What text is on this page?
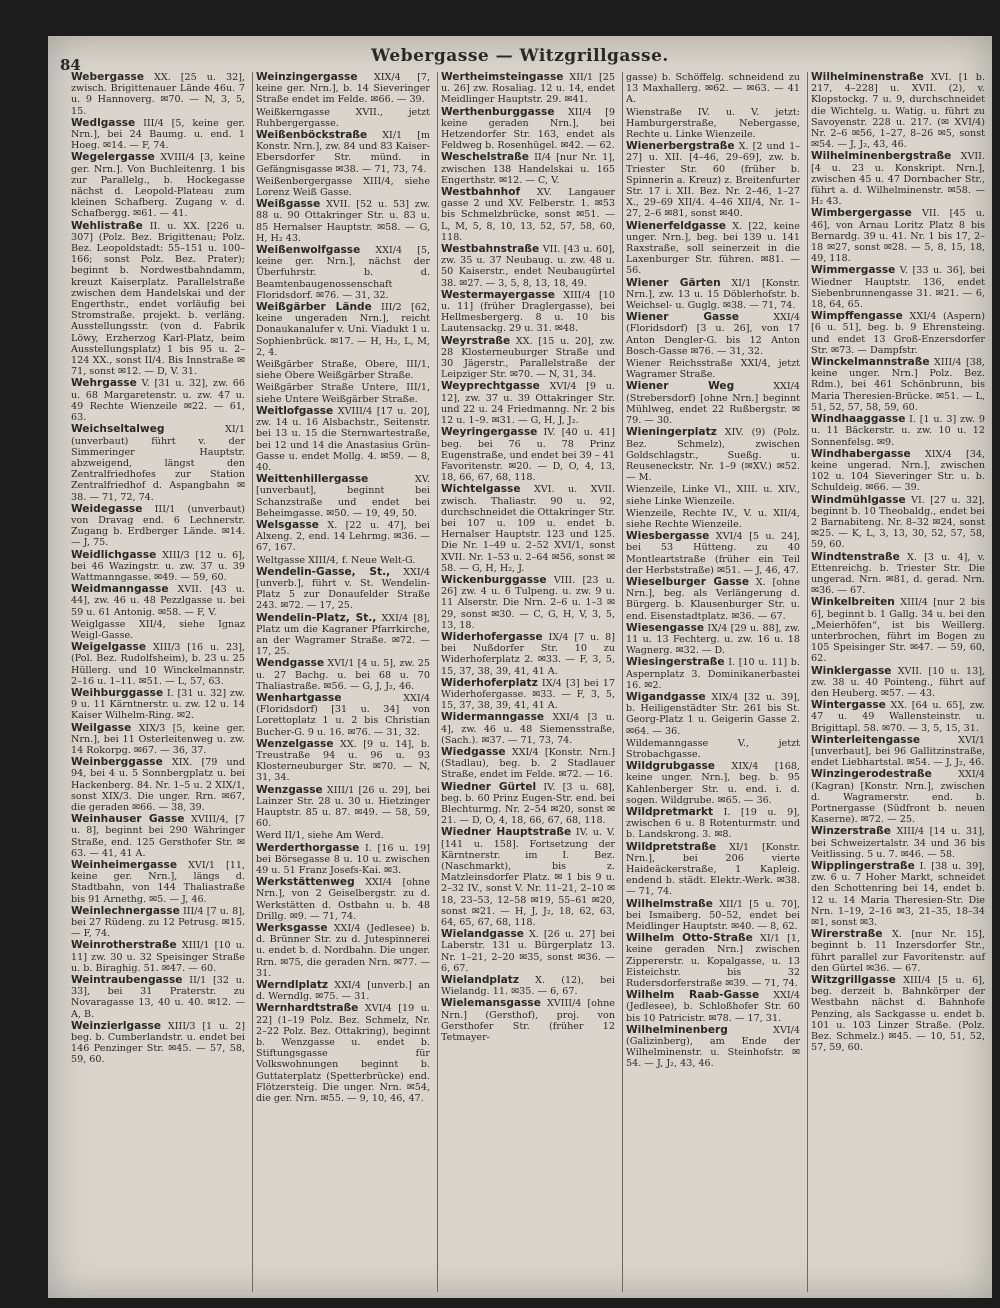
84	Webergasse — Witzgrillgasse.
Webergasse XX. [25 u. 32], zwisch. Brigittenauer Lände 46u. 7 u. 9 Hannoverg. ✉70. — N, 3, 5, 15.
Wedlgasse III/4 [5, keine ger. Nrn.], bei 24 Baumg. u. end. 1 Hoeg. ✉14. — F, 74.
Wegelergasse XVIII/4 [3, keine ger. Nrn.]. Von Buchleitenrg. 1 bis zur Parallelg., b. Hockegasse nächst d. Leopold-Plateau zum kleinen Schafberg. Zugang v. d. Schafbergg. ✉61. — 41.
Wehlistraße II. u. XX. [226 u. 307] (Polz. Bez. Brigittenau; Polz. Bez. Leopoldstadt: 55–151 u. 100–166; sonst Polz. Bez. Prater); beginnt b. Nordwestbahndamm, kreuzt Kaiserplatz. Parallelstraße zwischen dem Handelskai und der Engerthstr., endet vorläufig bei Stromstraße. projekt. b. verläng. Ausstellungsstr. (von d. Fabrik Löwy, Erzherzog Karl-Platz, beim Ausstellungsplatz) 1 bis 95 u. 2–124 XX., sonst II/4. Bis Innstraße ✉71, sonst ✉12. — D, V. 31.
Wehrgasse V. [31 u. 32], zw. 66 u. 68 Margaretenstr. u. zw. 47 u. 49 Rechte Wienzeile ✉22. — 61, 63.
Weichseltalweg	XI/1 (unverbaut) führt v. der Simmeringer Hauptstr. abzweigend, längst den Zentralfriedhofes zur Station Zentralfriedhof d. Aspangbahn ✉38. — 71, 72, 74.
Weidegasse III/1 (unverbaut) von Dravag end. 6 Lechnerstr. Zugang b. Erdberger Lände. ✉14. — J, 75.
Weidlichgasse XIII/3 [12 u. 6], bei 46 Wazingstr. u. zw. 37 u. 39 Wattmanngasse. ✉49. — 59, 60.
Weidmanngasse XVII. [43 u. 44], zw. 46 u. 48 Pezzlgasse u. bei 59 u. 61 Antonig. ✉58. — F, V.
Weiglgasse XII/4, siehe Ignaz Weigl-Gasse.
Weigelgasse XIII/3 [16 u. 23], (Pol. Bez. Rudolfsheim), b. 23 u. 25 Hüllerg. und 10 Winckelmannstr. 2–16 u. 1–11. ✉51. — L, 57, 63.
Weihburggasse I. [31 u. 32] zw. 9 u. 11 Kärntnerstr. u. zw. 12 u. 14 Kaiser Wilhelm-Ring. ✉2.
Weilgasse XIX/3 [5, keine ger. Nrn.], bei 11 Osterleitenweg u. zw. 14 Rokorpg. ✉67. — 36, 37.
Weinberggasse XIX. [79 und 94, bei 4 u. 5 Sonnbergplatz u. bei Hackenberg. 84. Nr. 1–5 u. 2 XIX/1, sonst XIX/3. Die unger. Rrn. ✉67, die geraden ✉66. — 38, 39.
Weinhauser Gasse XVIII/4, [7 u. 8], beginnt bei 290 Währinger Straße, end. 125 Gersthofer Str. ✉63. — 41, 41 A.
Weinheimergasse XVI/1 [11, keine ger. Nrn.], längs d. Stadtbahn, von 144 Thaliastraße bis 91 Arnethg. ✉5. — J, 46.
Weinlechnergasse III/4 [7 u. 8], bei 27 Rüdeng. zu 12 Petrusg. ✉15. — F, 74.
Weinrotherstraße XIII/1 [10 u. 11] zw. 30 u. 32 Speisinger Straße u. b. Biraghig. 51. ✉47. — 60.
Weintraubengasse II/1 [32 u. 33], bei 31 Praterstr. zu Novaragasse 13, 40 u. 40. ✉12. — A, B.
Weinzierlgasse XIII/3 [1 u. 2] beg. b. Cumberlandstr. u. endet bei 146 Penzinger Str. ✉45. — 57, 58, 59, 60.
Weinzingergasse XIX/4 [7, keine ger. Nrn.], b. 14 Sieveringer Straße endet im Felde. ✉66. — 39.
Weißkerngasse XVII., jetzt Ruhbergergasse.
Weißenböckstraße XI/1 [m Konstr. Nrn.], zw. 84 und 83 Kaiser-Ebersdorfer Str. münd. in Gefängnisgasse ✉38. — 71, 73, 74.
Weißenbergergasse XIII/4, siehe Lorenz Weiß Gasse.
Weißgasse XVII. [52 u. 53] zw. 88 u. 90 Ottakringer Str. u. 83 u. 85 Hernalser Hauptstr. ✉58. — G, H, H₂ 43.
Weißenwolfgasse XXI/4 [5, keine ger. Nrn.], nächst der Überfuhrstr. b. d. Beamtenbaugenossenschaft Floridsdorf. ✉76. — 31, 32.
Weißgärber Lände III/2 [62, keine ungeraden Nrn.], reicht Donaukanalufer v. Uni. Viadukt 1 u. Sophienbrück. ✉17. — H, H₂, L, M, 2, 4.
Weißgärber Straße, Obere, III/1, siehe Obere Weißgärber Straße.
Weißgärber Straße Untere, III/1, siehe Untere Weißgärber Straße.
Weitlofgasse XVIII/4 [17 u. 20], zw. 14 u. 16 Alsbachstr., Seitenstr. bei 13 u. 15 die Sternwartestraße, bei 12 und 14 die Anastasius Grün-Gasse u. endet Mollg. 4. ✉59. — 8, 40.
Weittenhillergasse	XV. [unverbaut], beginnt bei Schanzstraße und endet bei Beheimgasse. ✉50. — 19, 49, 50.
Welsgasse X. [22 u. 47], bei Alxeng. 2, end. 14 Lehrmg. ✉36. — 67, 167.
Weltgasse XIII/4, f. Neue Welt-G.
Wendelin-Gasse, St., XXI/4 [unverb.], führt v. St. Wendelin-Platz 5 zur Donaufelder Straße 243. ✉72. — 17, 25.
Wendelin-Platz, St., XXI/4 [8], Platz um die Kagraner Pfarrkirche, an der Wagramer Straße. ✉72. — 17, 25.
Wendgasse XVI/1 [4 u. 5], zw. 25 u. 27 Bachg. u. bei 68 u. 70 Thaliastraße. ✉56. — G, J, J₂, 46.
Wenhartgasse	XXI/4 (Floridsdorf) [31 u. 34] von Lorettoplatz 1 u. 2 bis Christian Bucher-G. 9 u. 16. ✉76. — 31, 32.
Wenzelgasse XX. [9 u. 14], b. Treustraße 94 u. 96 u. 93 Klosterneuburger Str. ✉70. — N, 31, 34.
Wenzgasse XIII/1 [26 u. 29], bei Lainzer Str. 28 u. 30 u. Hietzinger Hauptstr. 85 u. 87. ✉49. — 58, 59, 60.
Werd II/1, siehe Am Werd.
Werderthorgasse I. [16 u. 19] bei Börsegasse 8 u. 10 u. zwischen 49 u. 51 Franz Josefs-Kai. ✉3.
Werkstättenweg XXI/4 [ohne Nrn.], von 2 Geiselbergstr. zu d. Werkstätten d. Ostbahn u. b. 48 Drillg. ✉9. — 71, 74.
Werksgasse XXI/4 (Jedlesee) b. d. Brünner Str. zu d. Jutespinnerei u. endet b. d. Nordbahn. Die unger. Rrn. ✉75, die geraden Nrn. ✉77. — 31.
Werndlplatz XXI/4 [unverb.] an d. Werndlg. ✉75. — 31.
Wernhardtstraße XVI/4 [19 u. 22] (1–19 Polz. Bez. Schmelz, Nr. 2–22 Polz. Bez. Ottakring), beginnt b. Wenzgasse u. endet b. Stiftungsgasse für Volkswohnungen beginnt b. Guttaterplatz (Spetterbrücke) end. Flötzersteig. Die unger. Nrn. ✉54, die ger. Nrn. ✉55. — 9, 10, 46, 47.
Wertheimsteingasse XII/1 [25 u. 26] zw. Rosaliag. 12 u. 14, endet Meidlinger Hauptstr. 29. ✉41.
Werthenburggasse XII/4 [9 keine geraden Nrn.], bei Hetzendorfer Str. 163, endet als Feldweg b. Rosenhügel. ✉42. — 62.
Weschelstraße II/4 [nur Nr. 1], zwischen 138 Handelskai u. 165 Engerthstr. ✉12. — C, V.
Westbahnhof XV. Langauer gasse 2 und XV. Felberstr. 1. ✉53 bis Schmelzbrücke, sonst ✉51. — L, M, 5, 8, 10, 13, 52, 57, 58, 60, 118.
Westbahnstraße VII. [43 u. 60], zw. 35 u. 37 Neubaug. u. zw. 48 u. 50 Kaiserstr., endet Neubaugürtel 38. ✉27. — 3, 5, 8, 13, 18, 49.
Westermayergasse XIII/4 [10 u. 11] (früher Draglergasse), bei Hellmesbergerg. 8 u. 10 bis Lautensackg. 29 u. 31. ✉48.
Weyrstraße XX. [15 u. 20], zw. 28 Klosterneuburger Straße und 30 Jägerstr., Parallelstraße der Leipziger Str. ✉70. — N, 31, 34.
Weyprechtgasse XVI/4 [9 u. 12], zw. 37 u. 39 Ottakringer Str. und 22 u. 24 Friedmanng. Nr. 2 bis 12 u. 1–9. ✉31. — G, H, J, J₂.
Weyringergasse IV. [40 u. 41] beg. bei 76 u. 78 Prinz Eugenstraße, und endet bei 39 – 41 Favoritenstr. ✉20. — D, O, 4, 13, 18, 66, 67, 68, 118.
Wichtelgasse XVI. u. XVII. zwisch. Thaliastr. 90 u. 92, durchschneidet die Ottakringer Str. bei 107 u. 109 u. endet b. Hernalser Hauptstr. 123 und 125. Die Nr. 1–49 u. 2–52 XVI/1, sonst XVII. Nr. 1–53 u. 2–64 ✉56, sonst ✉58. — G, H, H₂, J.
Wickenburggasse VIII. [23 u. 26] zw. 4 u. 6 Tulpeng. u. zw. 9 u. 11 Alserstr. Die Nrn. 2–6 u. 1–3 ✉29, sonst ✉30. — C, G, H, V, 3, 5, 13, 18.
Widerhofergasse IX/4 [7 u. 8] bei Nußdorfer Str. 10 zu Widerhoferplatz 2. ✉33. — F, 3, 5, 15, 37, 38, 39, 41, 41 A.
Widerhoferplatz IX/4 [3] bei 17 Widerhofergasse. ✉33. — F, 3, 5, 15, 37, 38, 39, 41, 41 A.
Widermanngasse XXI/4 [3 u. 4], zw. 46 u. 48 Siemensstraße, (Sach.). ✉37. — 71, 73, 74.
Wiedgasse XXI/4 [Konstr. Nrn.] (Stadlau), beg. b. 2 Stadlauer Straße, endet im Felde. ✉72. — 16.
Wiedner Gürtel IV. [3 u. 68], beg. b. 60 Prinz Eugen-Str. end. bei Blechturmg. Nr. 2–54 ✉20, sonst ✉21. — D, O, 4, 18, 66, 67, 68, 118.
Wiedner Hauptstraße IV. u. V. [141 u. 158]. Fortsetzung der Kärntnerstr. im I. Bez. (Naschmarkt), bis z. Matzleinsdorfer Platz. ✉ 1 bis 9 u. 2–32 IV., sonst V. Nr. 11–21, 2–10 ✉18, 23–53, 12–58 ✉19, 55–61 ✉20, sonst ✉21. — H, J, J₂, 18, 62, 63, 64, 65, 67, 68, 118.
Wielandgasse X. [26 u. 27] bei Laberstr. 131 u. Bürgerplatz 13. Nr. 1–21, 2–20 ✉35, sonst ✉36. — 6, 67.
Wielandplatz X. (12), bei Wielandg. 11. ✉35. — 6, 67.
Wielemansgasse XVIII/4 [ohne Nrn.] (Gersthof), proj. von Gersthofer Str. (früher 12 Tetmayer-
gasse) b. Schöffelg. schneidend zu 13 Maxhallerg. ✉62. — ✉63. — 41 A.
Wienstraße IV. u. V. jetzt: Hamburgerstraße, Nebergasse, Rechte u. Linke Wienzeile.
Wienerbergstraße X. [2 und 1–27] u. XII. [4–46, 29–69], zw. b. Triester Str. 60 (früher b. Spinnerin a. Kreuz) z. Breitenfurter Str. 17 i. XII. Bez. Nr. 2–46, 1–27 X., 29–69 XII/4. 4–46 XII/4, Nr. 1–27, 2–6 ✉81, sonst ✉40.
Wienerfeldgasse X. [22, keine unger. Nrn.], beg. bei 139 u. 141 Raxstraße, soll seinerzeit in die Laxenburger Str. führen. ✉81. — 56.
Wiener Gärten XI/1 [Konstr. Nrn.], zw. 13 u. 15 Döblerhofstr. b. Weichsel- u. Guglg. ✉38. — 71, 74.
Wiener Gasse	XXI/4 (Floridsdorf) [3 u. 26], von 17 Anton Dengler-G. bis 12 Anton Bosch-Gasse ✉76. — 31, 32.
Wiener Reichsstraße XXI/4, jetzt Wagramer Straße.
Wiener Weg	XXI/4 (Strebersdorf) [ohne Nrn.] beginnt Mühlweg, endet 22 Rußbergstr. ✉79. — 30.
Wieningerplatz XIV. (9) (Polz. Bez. Schmelz), zwischen Goldschlagstr., Sueßg. u. Reuseneckstr. Nr. 1–9 (✉XV.) ✉52. — M.
Wienzeile, Linke VI., XIII. u. XIV., siehe Linke Wienzeile.
Wienzeile, Rechte IV., V. u. XII/4, siehe Rechte Wienzeile.
Wiesbergasse XVI/4 [5 u. 24], bei 53 Hütteng. zu 40 Montleartstraße (früher ein Teil der Herbststraße) ✉51. — J, 46, 47.
Wieselburger Gasse X. [ohne Nrn.], beg. als Verlängerung d. Bürgerg. b. Klausenburger Str. u. end. Eisenstadtplatz. ✉36. — 67.
Wiesengasse IX/4 [29 u. 88], zw. 11 u. 13 Fechterg. u. zw. 16 u. 18 Wagnerg. ✉32. — D.
Wiesingerstraße I. [10 u. 11] b. Aspernplatz 3. Dominikanerbastei 16. ✉2.
Wigandgasse XIX/4 [32 u. 39], b. Heiligenstädter Str. 261 bis St. Georg-Platz 1 u. Geigerin Gasse 2. ✉64. — 36.
Wildemanngasse V., jetzt Strobachgasse.
Wildgrubgasse XIX/4 [168, keine unger. Nrn.], beg. b. 95 Kahlenberger Str. u. end. i. d. sogen. Wildgrube. ✉65. — 36.
Wildpretmarkt I. [19 u. 9], zwischen 6 u. 8 Rotenturmstr. und b. Landskrong. 3. ✉8.
Wildpretstraße XI/1 [Konstr. Nrn.], bei 206 vierte Haideäckerstraße, 1 Kapleig. endend b. städt. Elektr.-Werk. ✉38. — 71, 74.
Wilhelmstraße XII/1 [5 u. 70], bei Ismaiberg. 50–52, endet bei Meidlinger Hauptstr. ✉40. — 8, 62.
Wilhelm Otto-Straße XI/1 [1, keine geraden Nrn.] zwischen Zippererstr. u. Kopalgasse, u. 13 Eisteichstr. bis 32 Rudersdorferstraße ✉39. — 71, 74.
Wilhelm Raab-Gasse XXI/4 (Jedlesee), b. Schloßhofer Str. 60 bis 10 Patricistr. ✉78. — 17, 31.
Wilhelminenberg	XVI/4 (Galizinberg), am Ende der Wilhelminenstr. u. Steinhofstr. ✉54. — J, J₂, 43, 46.
Wilhelminenstraße XVI. [1 b. 217, 4–228] u. XVII. (2), v. Klopstockg. 7 u. 9, durchschneidet die Wichtelg. u. Watig. u. führt zu Savoyenstr. 228 u. 217. (✉ XVI/4) Nr. 2–6 ✉56, 1–27, 8–26 ✉5, sonst ✉54. — J, J₂, 43, 46.
Wilhelminenbergstraße XVII. [4 u. 23 u. Konskript. Nrn.], zwischen 45 u. 47 Dornbacher Str., führt a. d. Wilhelminenstr. ✉58. — H₂ 43.
Wimbergergasse VII. [45 u. 46], von Arnau Loritz Platz 8 bis Bernardg. 39 u. 41. Nr. 1 bis 17, 2–18 ✉27, sonst ✉28. — 5, 8, 15, 18, 49, 118.
Wimmergasse V. [33 u. 36], bei Wiedner Hauptstr. 136, endet Siebenbrunnengasse 31. ✉21. — 6, 18, 64, 65.
Wimpffengasse XXI/4 (Aspern) [6 u. 51], beg. b. 9 Ehrensteing. und endet 13 Groß-Enzersdorfer Str. ✉73. — Dampfstr.
Winckelmannstraße XIII/4 [38, keine unger. Nrn.] Polz. Bez. Rdm.), bei 461 Schönbrunn, bis Maria Theresien-Brücke. ✉51. — L, 51, 52, 57, 58, 59, 60.
Windhaaggasse I. [1 u. 3] zw. 9 u. 11 Bäckerstr. u. zw. 10 u. 12 Sonnenfelsg. ✉9.
Windhabergasse XIX/4 [34, keine ungerad. Nrn.], zwischen 102 u. 104 Sieveringer Str. u. b. Schuldeig. ✉66. — 39.
Windmühlgasse VI. [27 u. 32], beginnt b. 10 Theobaldg., endet bei 2 Barnabiteng. Nr. 8–32 ✉24, sonst ✉25. — K, L, 3, 13, 30, 52, 57, 58, 59, 60.
Windtenstraße X. [3 u. 4], v. Ettenreichg. b. Triester Str. Die ungerad. Nrn. ✉81, d. gerad. Nrn. ✉36. — 67.
Winkelbreiten XIII/4 [nur 2 bis 6], beginnt b. 1 Gallg. 34 u. bei den „Meierhöfen“, ist bis Weillerg. unterbrochen, führt im Bogen zu 105 Speisinger Str. ✉47. — 59, 60, 62.
Winklergasse XVII. [10 u. 13], zw. 38 u. 40 Pointeng., führt auf den Heuberg. ✉57. — 43.
Wintergasse XX. [64 u. 65], zw. 47 u. 49 Wallensteinstr. u. Brigittapl. 58. ✉70. — 3, 5, 15, 31.
Winterleitengasse	XVI/1 [unverbaut], bei 96 Gallitzinstraße, endet Liebhartstal. ✉54. — J, J₂, 46.
Winzingerodestraße	XXI/4 (Kagran) [Konstr. Nrn.], zwischen d. Wagramerstr. end. b. Portnergasse (Südfront b. neuen Kaserne). ✉72. — 25.
Winzerstraße XIII/4 [14 u. 31], bei Schweizertalstr. 34 und 36 bis Veitlissing. 5 u. 7. ✉46. — 58.
Wipplingerstraße I. [38 u. 39], zw. 6 u. 7 Hoher Markt, schneidet den Schottenring bei 14, endet b. 12 u. 14 Maria Theresien-Str. Die Nrn. 1–19, 2–16 ✉3, 21–35, 18–34 ✉1, sonst ✉3.
Wirerstraße X. [nur Nr. 15], beginnt b. 11 Inzersdorfer Str., führt parallel zur Favoritenstr. auf den Gürtel ✉36. — 67.
Witzgrillgasse XIII/4 [5 u. 6], beg. derzeit b. Bahnkörper der Westbahn nächst d. Bahnhofe Penzing, als Sackgasse u. endet b. 101 u. 103 Linzer Straße. (Polz. Bez. Schmelz.) ✉45. — 10, 51, 52, 57, 59, 60.
